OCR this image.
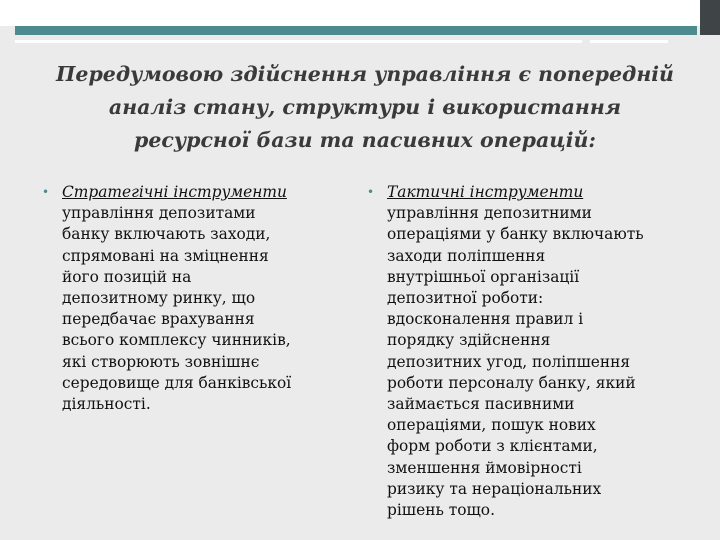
Передумовою здійснення управління є попередній
аналіз стану, структури і використання
ресурсної бази та пасивних операцій:
• Стратегічні інструменти
управління депозитами
банку включають заходи,
спрямовані на зміцнення
його позицій на
депозитному ринку, що
передбачає врахування
всього комплексу чинників,
які створюють зовнішнє
середовище для банківської
діяльності.
• Тактичні інструменти
управління депозитними
операціями у банку включають
заходи поліпшення
внутрішньої організації
депозитної роботи:
вдосконалення правил і
порядку здійснення
депозитних угод, поліпшення
роботи персоналу банку, який
займається пасивними
операціями, пошук нових
форм роботи з клієнтами,
зменшення ймовірності
ризику та нераціональних
рішень тощо.
